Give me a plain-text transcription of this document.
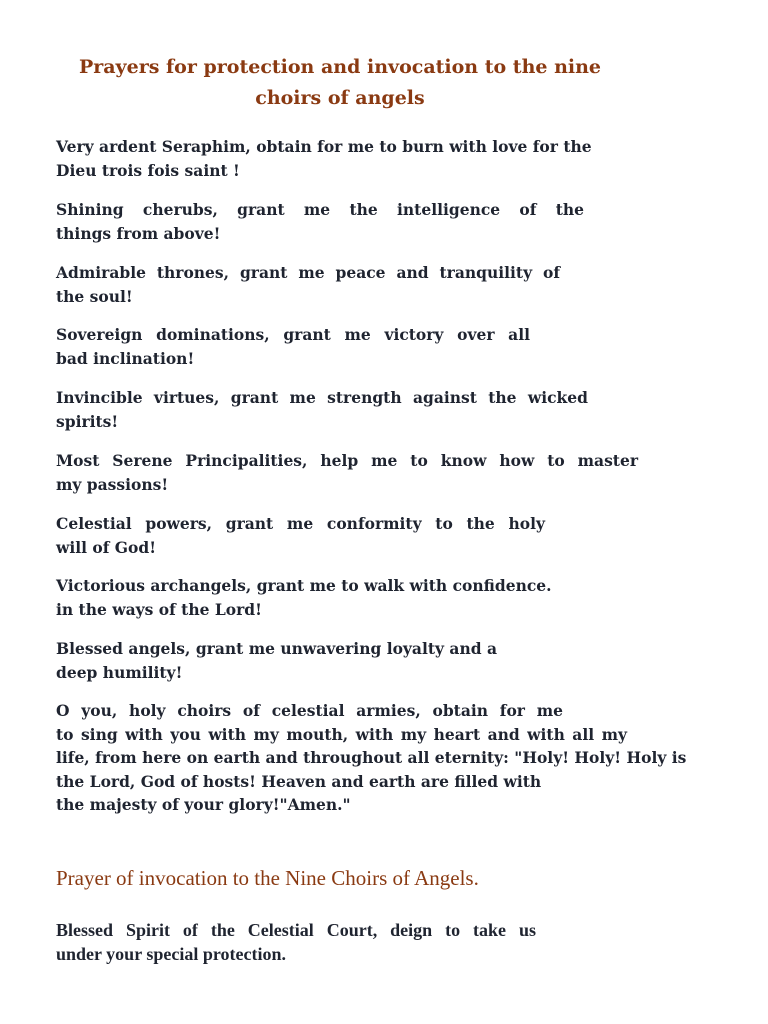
Prayers for protection and invocation to the nine
choirs of angels

Very ardent Seraphim, obtain for me to burn with love for the
Dieu trois fois saint !

Shining cherubs, grant me the intelligence of the
things from above!

Admirable thrones, grant me peace and tranquility of
the soul!

Sovereign dominations, grant me victory over all
bad inclination!

Invincible virtues, grant me strength against the wicked
spirits!

Most Serene Principalities, help me to know how to master
my passions!

Celestial powers, grant me conformity to the holy
will of God!

Victorious archangels, grant me to walk with confidence.
in the ways of the Lord!

Blessed angels, grant me unwavering loyalty and a
deep humility!

O you, holy choirs of celestial armies, obtain for me
to sing with you with my mouth, with my heart and with all my
life, from here on earth and throughout all eternity: "Holy! Holy! Holy is
the Lord, God of hosts! Heaven and earth are filled with
the majesty of your glory!"Amen."

Prayer of invocation to the Nine Choirs of Angels.

Blessed Spirit of the Celestial Court, deign to take us
under your special protection.
